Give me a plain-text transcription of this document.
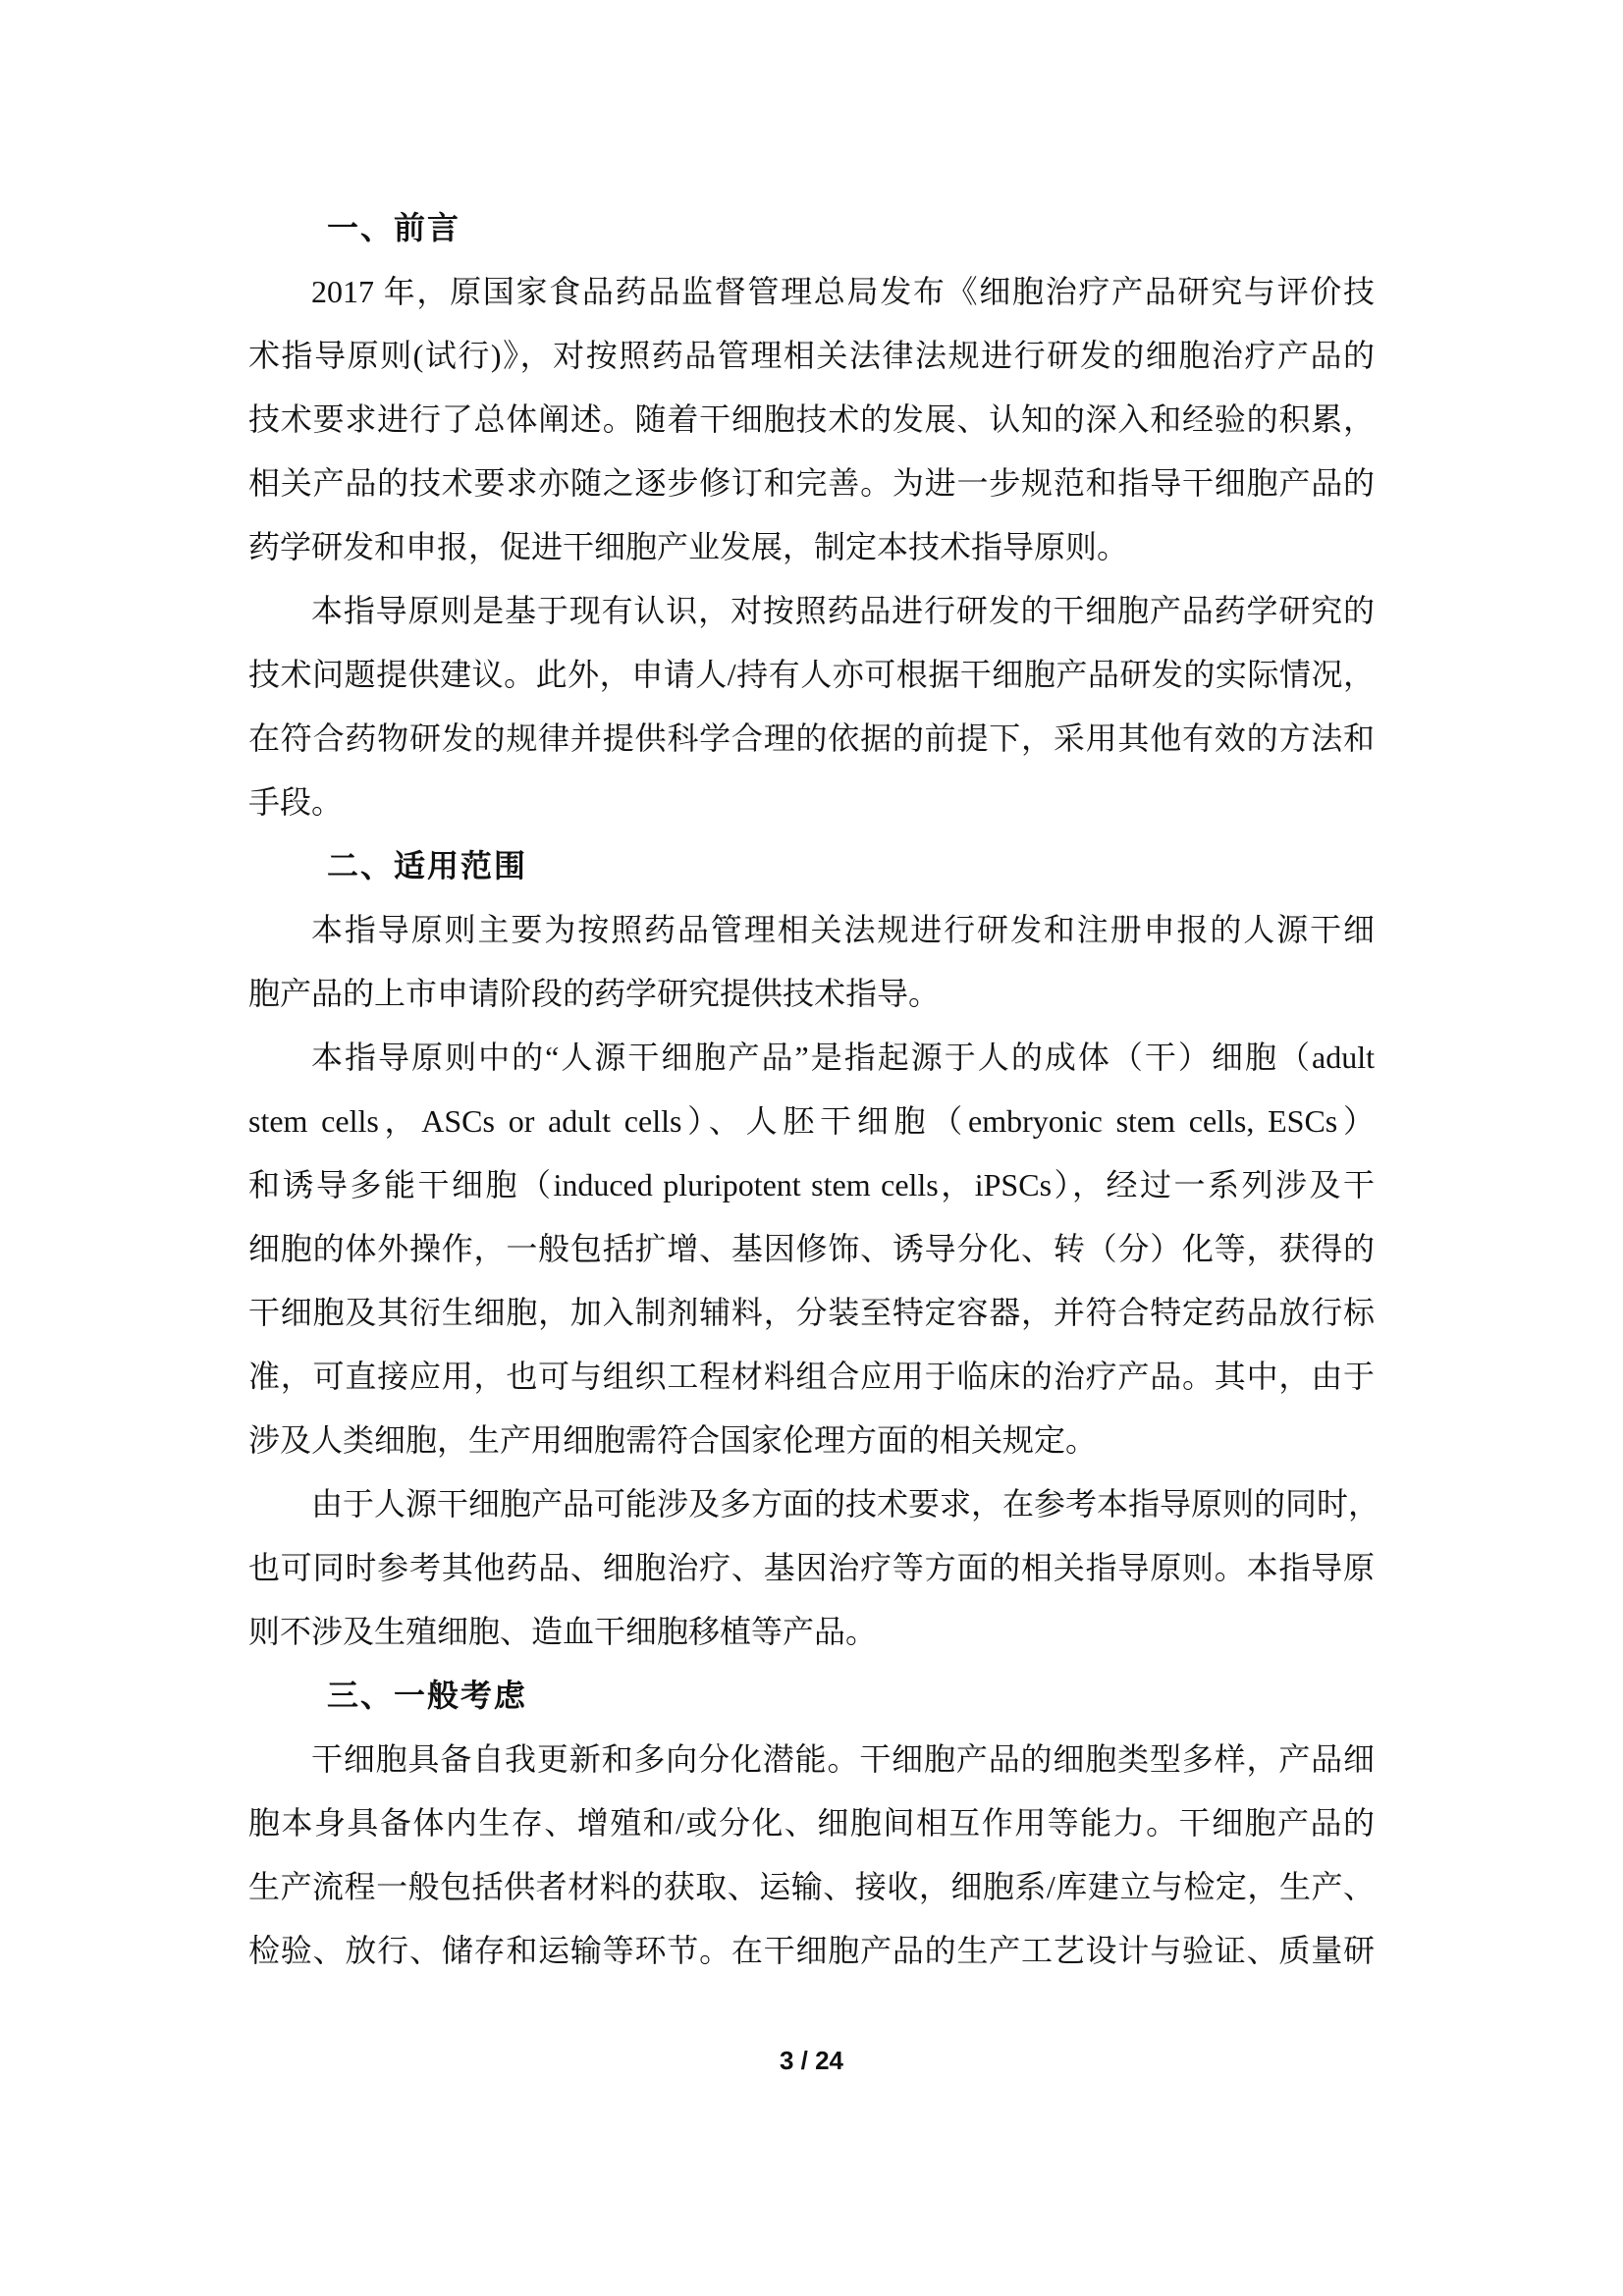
一、前言
2017 年，原国家食品药品监督管理总局发布《细胞治疗产品研究与评价技
术指导原则(试行)》，对按照药品管理相关法律法规进行研发的细胞治疗产品的
技术要求进行了总体阐述。随着干细胞技术的发展、认知的深入和经验的积累，
相关产品的技术要求亦随之逐步修订和完善。为进一步规范和指导干细胞产品的
药学研发和申报，促进干细胞产业发展，制定本技术指导原则。
本指导原则是基于现有认识，对按照药品进行研发的干细胞产品药学研究的
技术问题提供建议。此外，申请人/持有人亦可根据干细胞产品研发的实际情况，
在符合药物研发的规律并提供科学合理的依据的前提下，采用其他有效的方法和
手段。
二、适用范围
本指导原则主要为按照药品管理相关法规进行研发和注册申报的人源干细
胞产品的上市申请阶段的药学研究提供技术指导。
本指导原则中的“人源干细胞产品”是指起源于人的成体（干）细胞（adult
stem cells，ASCs or adult cells）、人胚干细胞（embryonic stem cells, ESCs）
和诱导多能干细胞（induced pluripotent stem cells，iPSCs），经过一系列涉及干
细胞的体外操作，一般包括扩增、基因修饰、诱导分化、转（分）化等，获得的
干细胞及其衍生细胞，加入制剂辅料，分装至特定容器，并符合特定药品放行标
准，可直接应用，也可与组织工程材料组合应用于临床的治疗产品。其中，由于
涉及人类细胞，生产用细胞需符合国家伦理方面的相关规定。
由于人源干细胞产品可能涉及多方面的技术要求，在参考本指导原则的同时，
也可同时参考其他药品、细胞治疗、基因治疗等方面的相关指导原则。本指导原
则不涉及生殖细胞、造血干细胞移植等产品。
三、一般考虑
干细胞具备自我更新和多向分化潜能。干细胞产品的细胞类型多样，产品细
胞本身具备体内生存、增殖和/或分化、细胞间相互作用等能力。干细胞产品的
生产流程一般包括供者材料的获取、运输、接收，细胞系/库建立与检定，生产、
检验、放行、储存和运输等环节。在干细胞产品的生产工艺设计与验证、质量研
3 / 24
